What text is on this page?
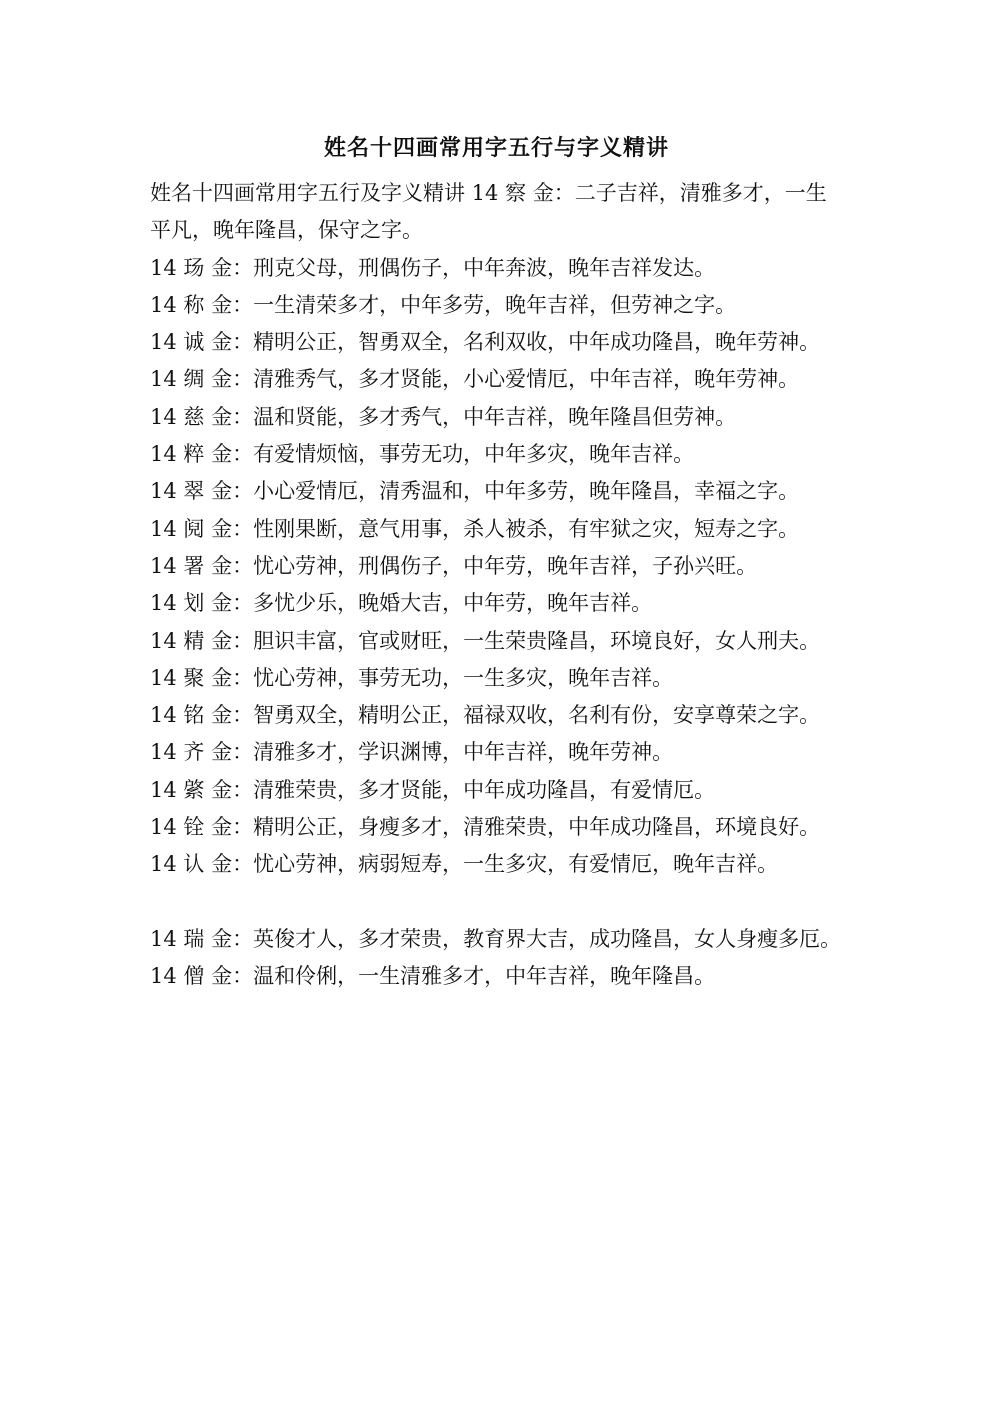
姓名十四画常用字五行与字义精讲

姓名十四画常用字五行及字义精讲 14 察 金：二子吉祥，清雅多才，一生平凡，晚年隆昌，保守之字。

14 玚 金：刑克父母，刑偶伤子，中年奔波，晚年吉祥发达。

14 称 金：一生清荣多才，中年多劳，晚年吉祥，但劳神之字。

14 诚 金：精明公正，智勇双全，名利双收，中年成功隆昌，晚年劳神。

14 绸 金：清雅秀气，多才贤能，小心爱情厄，中年吉祥，晚年劳神。

14 慈 金：温和贤能，多才秀气，中年吉祥，晚年隆昌但劳神。

14 粹 金：有爱情烦恼，事劳无功，中年多灾，晚年吉祥。

14 翠 金：小心爱情厄，清秀温和，中年多劳，晚年隆昌，幸福之字。

14 阋 金：性刚果断，意气用事，杀人被杀，有牢狱之灾，短寿之字。

14 署 金：忧心劳神，刑偶伤子，中年劳，晚年吉祥，子孙兴旺。

14 划 金：多忧少乐，晚婚大吉，中年劳，晚年吉祥。

14 精 金：胆识丰富，官或财旺，一生荣贵隆昌，环境良好，女人刑夫。

14 聚 金：忧心劳神，事劳无功，一生多灾，晚年吉祥。

14 铭 金：智勇双全，精明公正，福禄双收，名利有份，安享尊荣之字。

14 齐 金：清雅多才，学识渊博，中年吉祥，晚年劳神。

14 綮 金：清雅荣贵，多才贤能，中年成功隆昌，有爱情厄。

14 铨 金：精明公正，身瘦多才，清雅荣贵，中年成功隆昌，环境良好。

14 认 金：忧心劳神，病弱短寿，一生多灾，有爱情厄，晚年吉祥。

14 瑞 金：英俊才人，多才荣贵，教育界大吉，成功隆昌，女人身瘦多厄。

14 僧 金：温和伶俐，一生清雅多才，中年吉祥，晚年隆昌。
